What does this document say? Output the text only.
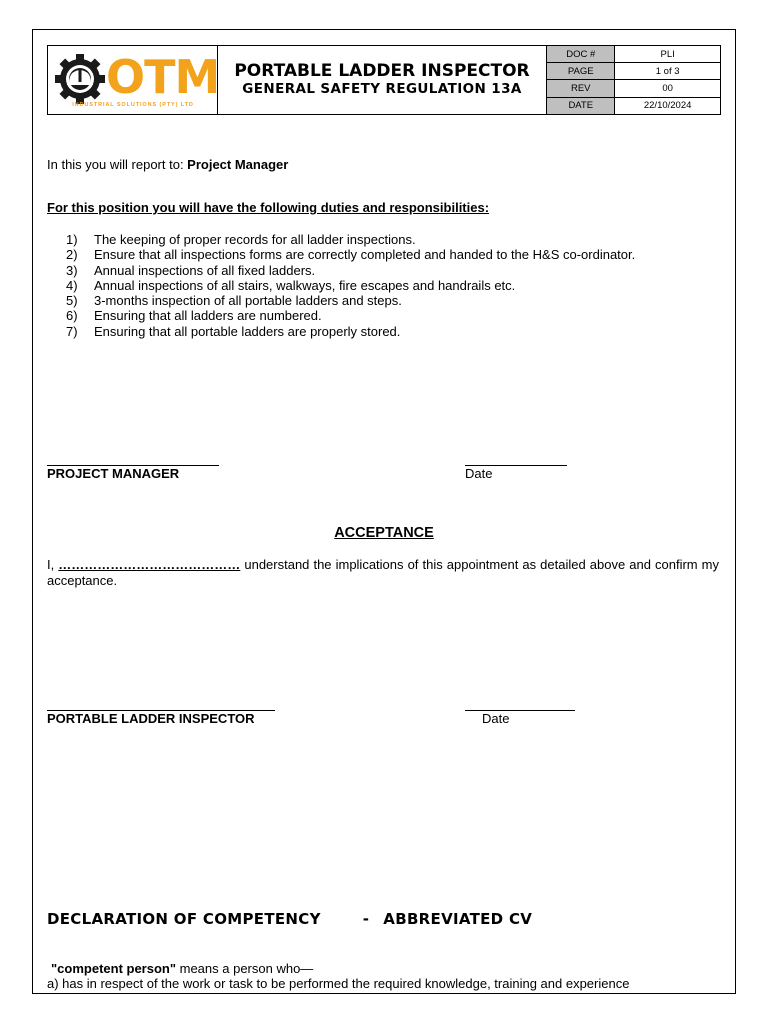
OTM
INDUSTRIAL SOLUTIONS (PTY) LTD
PORTABLE LADDER INSPECTOR
GENERAL SAFETY REGULATION 13A
DOC #	PLI
PAGE	1 of 3
REV	00
DATE	22/10/2024
In this you will report to: Project Manager
For this position you will have the following duties and responsibilities:
1)	The keeping of proper records for all ladder inspections.
2)	Ensure that all inspections forms are correctly completed and handed to the H&S co-ordinator.
3)	Annual inspections of all fixed ladders.
4)	Annual inspections of all stairs, walkways, fire escapes and handrails etc.
5)	3-months inspection of all portable ladders and steps.
6)	Ensuring that all ladders are numbered.
7)	Ensuring that all portable ladders are properly stored.
PROJECT MANAGER	Date
ACCEPTANCE
I, …………………………………… understand the implications of this appointment as detailed above and confirm my acceptance.
PORTABLE LADDER INSPECTOR	Date
DECLARATION OF COMPETENCY	- ABBREVIATED CV
"competent person" means a person who—
a) has in respect of the work or task to be performed the required knowledge, training and experience
